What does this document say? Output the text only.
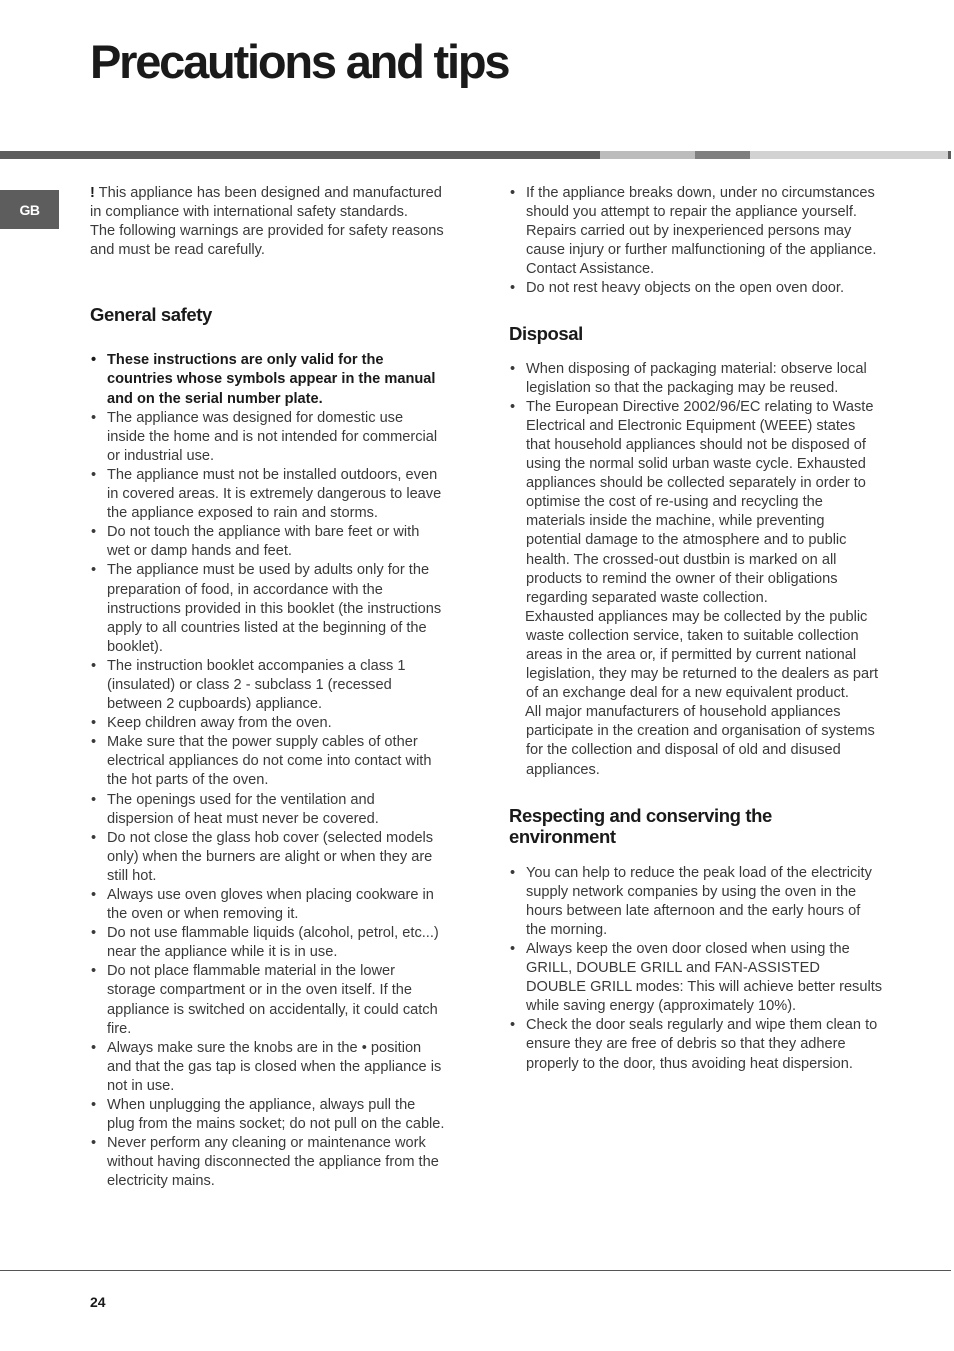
Precautions and tips
GB

! This appliance has been designed and manufactured in compliance with international safety standards.

The following warnings are provided for safety reasons and must be read carefully.

General safety
• These instructions are only valid for the countries whose symbols appear in the manual and on the serial number plate.
• The appliance was designed for domestic use inside the home and is not intended for commercial or industrial use.
• The appliance must not be installed outdoors, even in covered areas. It is extremely dangerous to leave the appliance exposed to rain and storms.
• Do not touch the appliance with bare feet or with wet or damp hands and feet.
• The appliance must be used by adults only for the preparation of food, in accordance with the instructions provided in this booklet (the instructions apply to all countries listed at the beginning of the booklet).
• The instruction booklet accompanies a class 1 (insulated) or class 2 - subclass 1 (recessed between 2 cupboards) appliance.
• Keep children away from the oven.
• Make sure that the power supply cables of other electrical appliances do not come into contact with the hot parts of the oven.
• The openings used for the ventilation and dispersion of heat must never be covered.
• Do not close the glass hob cover (selected models only) when the burners are alight or when they are still hot.
• Always use oven gloves when placing cookware in the oven or when removing it.
• Do not use flammable liquids (alcohol, petrol, etc...) near the appliance while it is in use.
• Do not place flammable material in the lower storage compartment or in the oven itself. If the appliance is switched on accidentally, it could catch fire.
• Always make sure the knobs are in the • position and that the gas tap is closed when the appliance is not in use.
• When unplugging the appliance, always pull the plug from the mains socket; do not pull on the cable.
• Never perform any cleaning or maintenance work without having disconnected the appliance from the electricity mains.
• If the appliance breaks down, under no circumstances should you attempt to repair the appliance yourself. Repairs carried out by inexperienced persons may cause injury or further malfunctioning of the appliance. Contact Assistance.
• Do not rest heavy objects on the open oven door.
Disposal
• When disposing of packaging material: observe local legislation so that the packaging may be reused.
• The European Directive 2002/96/EC relating to Waste Electrical and Electronic Equipment (WEEE) states that household appliances should not be disposed of using the normal solid urban waste cycle. Exhausted appliances should be collected separately in order to optimise the cost of re-using and recycling the materials inside the machine, while preventing potential damage to the atmosphere and to public health. The crossed-out dustbin is marked on all products to remind the owner of their obligations regarding separated waste collection.
Exhausted appliances may be collected by the public waste collection service, taken to suitable collection areas in the area or, if permitted by current national legislation, they may be returned to the dealers as part of an exchange deal for a new equivalent product.
All major manufacturers of household appliances participate in the creation and organisation of systems for the collection and disposal of old and disused appliances.
Respecting and conserving the environment
• You can help to reduce the peak load of the electricity supply network companies by using the oven in the hours between late afternoon and the early hours of the morning.
• Always keep the oven door closed when using the GRILL, DOUBLE GRILL and FAN-ASSISTED DOUBLE GRILL modes: This will achieve better results while saving energy (approximately 10%).
• Check the door seals regularly and wipe them clean to ensure they are free of debris so that they adhere properly to the door, thus avoiding heat dispersion.
24
